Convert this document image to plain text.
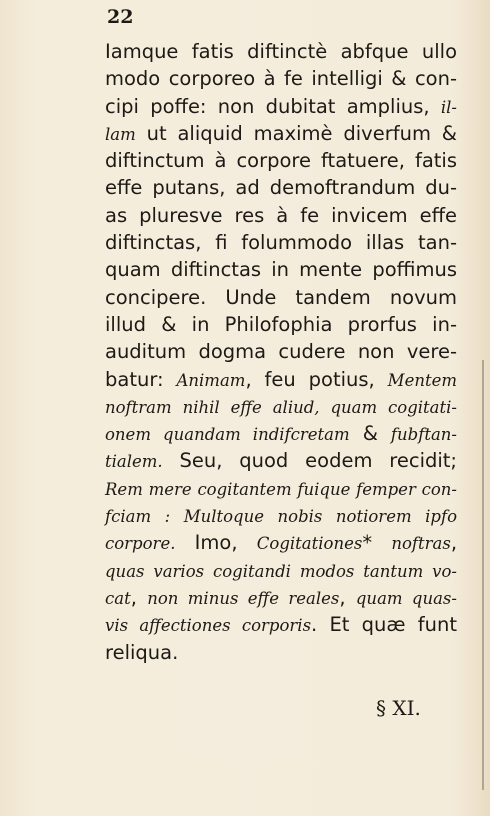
22
Iamque fatis diftinctè abfque ullo
modo corporeo à fe intelligi & con-
cipi poffe: non dubitat amplius, il-
lam ut aliquid maximè diverfum &
diftinctum à corpore ftatuere, fatis
effe putans, ad demoftrandum du-
as pluresve res à fe invicem effe
diftinctas, fi folummodo illas tan-
quam diftinctas in mente poffimus
concipere. Unde tandem novum
illud & in Philofophia prorfus in-
auditum dogma cudere non vere-
batur: Animam, feu potius, Mentem
noftram nihil effe aliud, quam cogitati-
onem quandam indifcretam & fubftan-
tialem. Seu, quod eodem recidit;
Rem mere cogitantem fuique femper con-
fciam : Multoque nobis notiorem ipfo
corpore. Imo, Cogitationes* noftras,
quas varios cogitandi modos tantum vo-
cat, non minus effe reales, quam quas-
vis affectiones corporis. Et quæ funt
reliqua.
§ XI.
